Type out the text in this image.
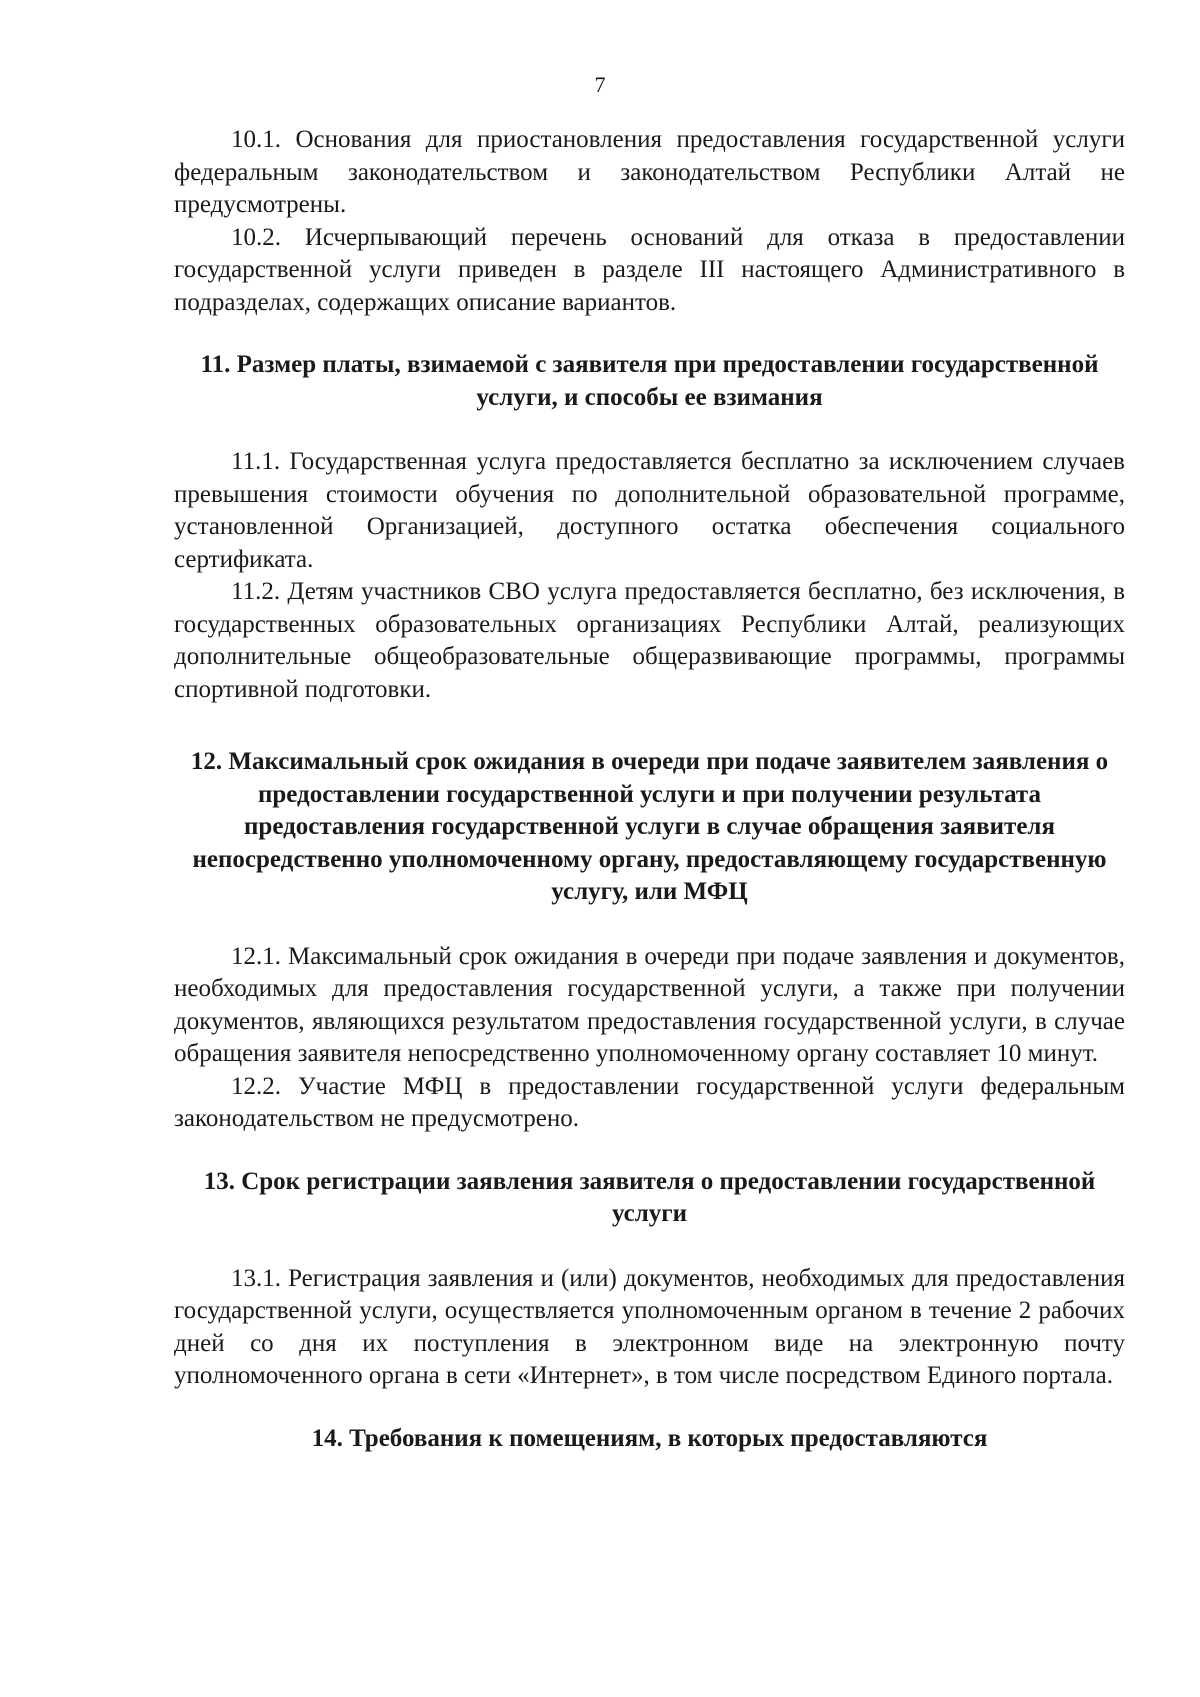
7

10.1. Основания для приостановления предоставления государственной услуги федеральным законодательством и законодательством Республики Алтай не предусмотрены.

10.2. Исчерпывающий перечень оснований для отказа в предоставлении государственной услуги приведен в разделе III настоящего Административного в подразделах, содержащих описание вариантов.

11. Размер платы, взимаемой с заявителя при предоставлении государственной услуги, и способы ее взимания

11.1. Государственная услуга предоставляется бесплатно за исключением случаев превышения стоимости обучения по дополнительной образовательной программе, установленной Организацией, доступного остатка обеспечения социального сертификата.

11.2. Детям участников СВО услуга предоставляется бесплатно, без исключения, в государственных образовательных организациях Республики Алтай, реализующих дополнительные общеобразовательные общеразвивающие программы, программы спортивной подготовки.

12. Максимальный срок ожидания в очереди при подаче заявителем заявления о предоставлении государственной услуги и при получении результата предоставления государственной услуги в случае обращения заявителя непосредственно уполномоченному органу, предоставляющему государственную услугу, или МФЦ

12.1. Максимальный срок ожидания в очереди при подаче заявления и документов, необходимых для предоставления государственной услуги, а также при получении документов, являющихся результатом предоставления государственной услуги, в случае обращения заявителя непосредственно уполномоченному органу составляет 10 минут.

12.2. Участие МФЦ в предоставлении государственной услуги федеральным законодательством не предусмотрено.

13. Срок регистрации заявления заявителя о предоставлении государственной услуги

13.1. Регистрация заявления и (или) документов, необходимых для предоставления государственной услуги, осуществляется уполномоченным органом в течение 2 рабочих дней со дня их поступления в электронном виде на электронную почту уполномоченного органа в сети «Интернет», в том числе посредством Единого портала.

14. Требования к помещениям, в которых предоставляются
